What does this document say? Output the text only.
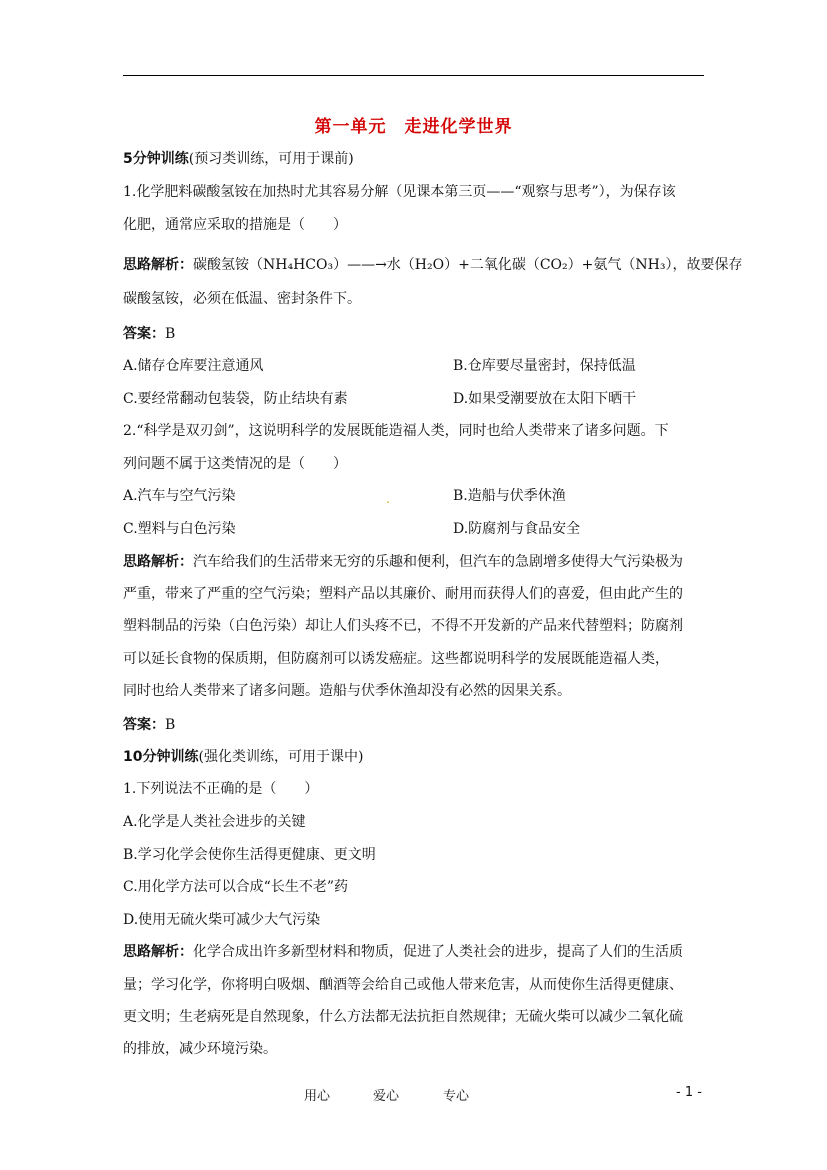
第一单元　走进化学世界
5分钟训练(预习类训练，可用于课前)
1.化学肥料碳酸氢铵在加热时尤其容易分解（见课本第三页——“观察与思考”），为保存该
化肥，通常应采取的措施是（　　）
思路解析：碳酸氢铵（NH₄HCO₃）——→水（H₂O）+二氧化碳（CO₂）+氨气（NH₃），故要保存
碳酸氢铵，必须在低温、密封条件下。
答案：B
A.储存仓库要注意通风	B.仓库要尽量密封，保持低温
C.要经常翻动包装袋，防止结块有素	D.如果受潮要放在太阳下晒干
2.“科学是双刃剑”，这说明科学的发展既能造福人类，同时也给人类带来了诸多问题。下
列问题不属于这类情况的是（　　）
A.汽车与空气污染	.	B.造船与伏季休渔
C.塑料与白色污染	D.防腐剂与食品安全
思路解析：汽车给我们的生活带来无穷的乐趣和便利，但汽车的急剧增多使得大气污染极为
严重，带来了严重的空气污染；塑料产品以其廉价、耐用而获得人们的喜爱，但由此产生的
塑料制品的污染（白色污染）却让人们头疼不已，不得不开发新的产品来代替塑料；防腐剂
可以延长食物的保质期，但防腐剂可以诱发癌症。这些都说明科学的发展既能造福人类，
同时也给人类带来了诸多问题。造船与伏季休渔却没有必然的因果关系。
答案：B
10分钟训练(强化类训练，可用于课中)
1.下列说法不正确的是（　　）
A.化学是人类社会进步的关键
B.学习化学会使你生活得更健康、更文明
C.用化学方法可以合成“长生不老”药
D.使用无硫火柴可减少大气污染
思路解析：化学合成出许多新型材料和物质，促进了人类社会的进步，提高了人们的生活质
量；学习化学，你将明白吸烟、酗酒等会给自己或他人带来危害，从而使你生活得更健康、
更文明；生老病死是自然现象，什么方法都无法抗拒自然规律；无硫火柴可以减少二氧化硫
的排放，减少环境污染。
用心	爱心	专心	- 1 -
